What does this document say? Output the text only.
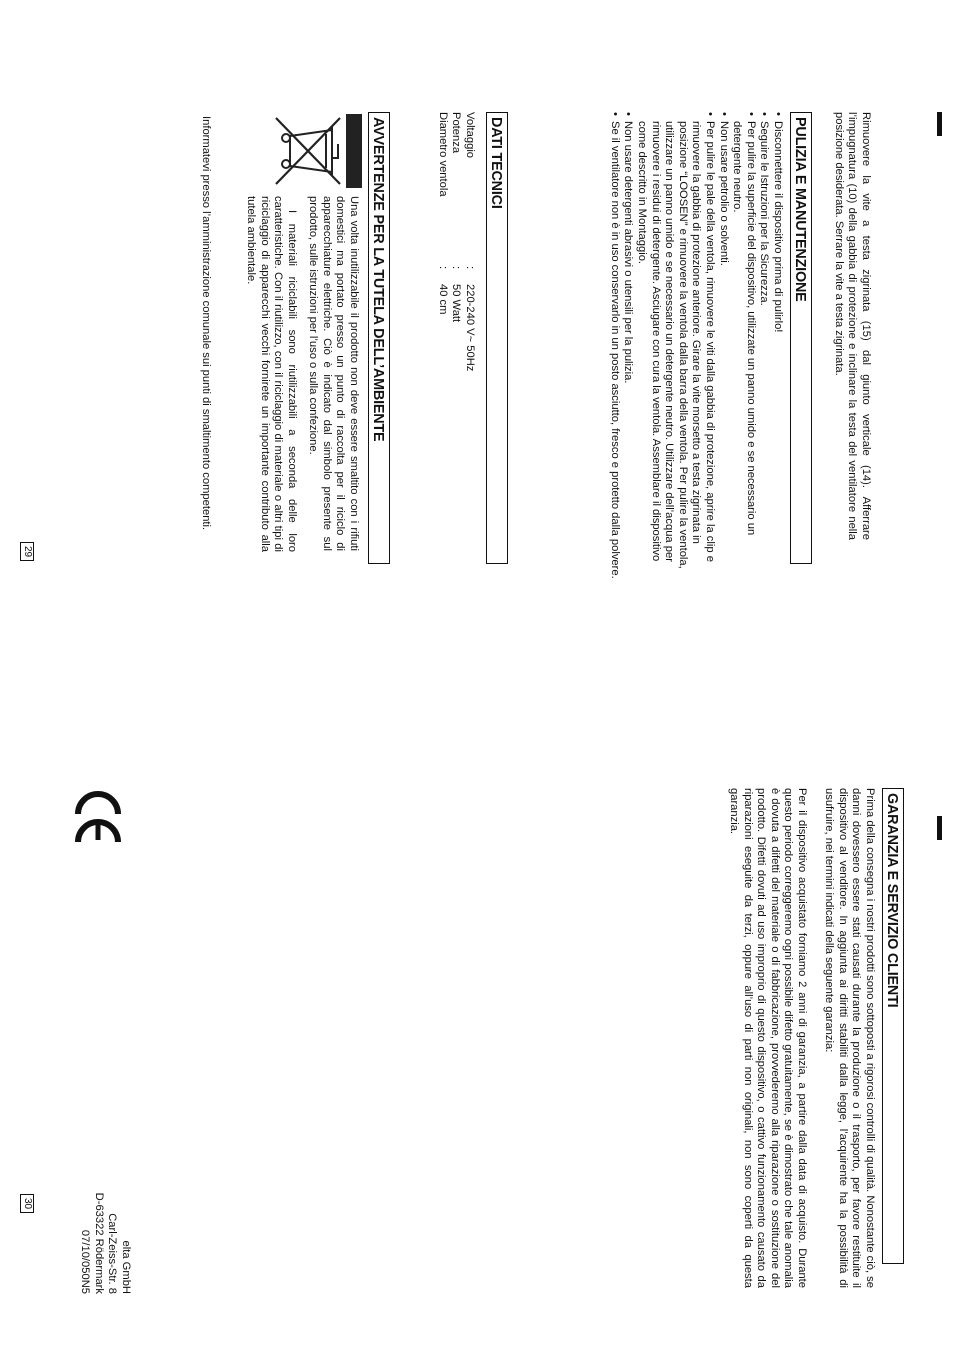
Rimuovere la vite a testa zigrinata (15) dal giunto verticale (14). Afferrare l’impugnatura (10) della gabbia di protezione e inclinare la testa del ventilatore nella posizione desiderata. Serrare la vite a testa zigrinata.

PULIZIA E MANUTENZIONE
•
Disconnettere il dispositivo prima di pulirlo!
•
Seguire le Istruzioni per la Sicurezza.
•
Per pulire la superficie del dispositivo, utilizzate un panno umido e se necessario un detergente neutro.
•
Non usare petrolio o solventi.
•
Per pulire le pale della ventola, rimuovere le viti dalla gabbia di protezione, aprire la clip e rimuovere la gabbia di protezione anteriore. Girare la vite morsetto a testa zigrinata in posizione “LOOSEN” e rimuovere la ventola dalla barra della ventola. Per pulire la ventola, utilizzare un panno umido e se necessario un detergente neutro. Utilizzare dell’acqua per rimuovere i residui di detergente. Asciugare con cura la ventola. Assemblare il dispositivo come descritto in Montaggio.
•
Non usare detergenti abrasivi o utensili per la pulizia.
•
Se il ventilatore non è in uso conservarlo in un posto asciutto, fresco e protetto dalla polvere.
DATI TECNICI
Voltaggio
:
220-240 V~ 50Hz
Potenza
:
50 Watt
Diametro ventola
:
40 cm
AVVERTENZE PER LA TUTELA DELL’AMBIENTE

Una volta inutilizzabile il prodotto non deve essere smaltito con i rifiuti domestici ma portato presso un punto di raccolta per il riciclo di apparecchiature elettriche. Ciò è indicato dal simbolo presente sul prodotto, sulle istruzioni per l’uso o sulla confezione.

I materiali riciclabili sono riutilizzabili a seconda delle loro caratteristiche. Con il riutilizzo, con il riciclaggio di materiale o altri tipi di riciclaggio di apparecchi vecchi fornirete un importante contributo alla tutela ambientale.

Informatevi presso l’amministrazione comunale sui punti di smaltimento competenti.

29
GARANZIA E SERVIZIO CLIENTI

Prima della consegna i nostri prodotti sono sottoposti a rigorosi controlli di qualità. Nonostante ciò, se danni dovessero essere stati causati durante la produzione o il trasporto, per favore restituite il dispositivo al venditore. In aggiunta ai diritti stabiliti dalla legge, l’acquirente ha la possibilità di usufruire, nei termini indicati della seguente garanzia:

Per il dispositivo acquistato forniamo 2 anni di garanzia, a partire dalla data di acquisto. Durante questo periodo correggeremo ogni possibile difetto gratuitamente, se è dimostrato che tale anomalia è dovuta a difetti del materiale o di fabbricazione, provvederemo alla riparazione o sostituzione del prodotto. Difetti dovuti ad uso improprio di questo dispositivo, o cattivo funzionamento causato da riparazioni eseguite da terzi, oppure all’uso di parti non originali, non sono coperti da questa garanzia.

elta GmbH
Carl-Zeiss-Str. 8
D-63322 Rödermark
07/10/050N5
30
